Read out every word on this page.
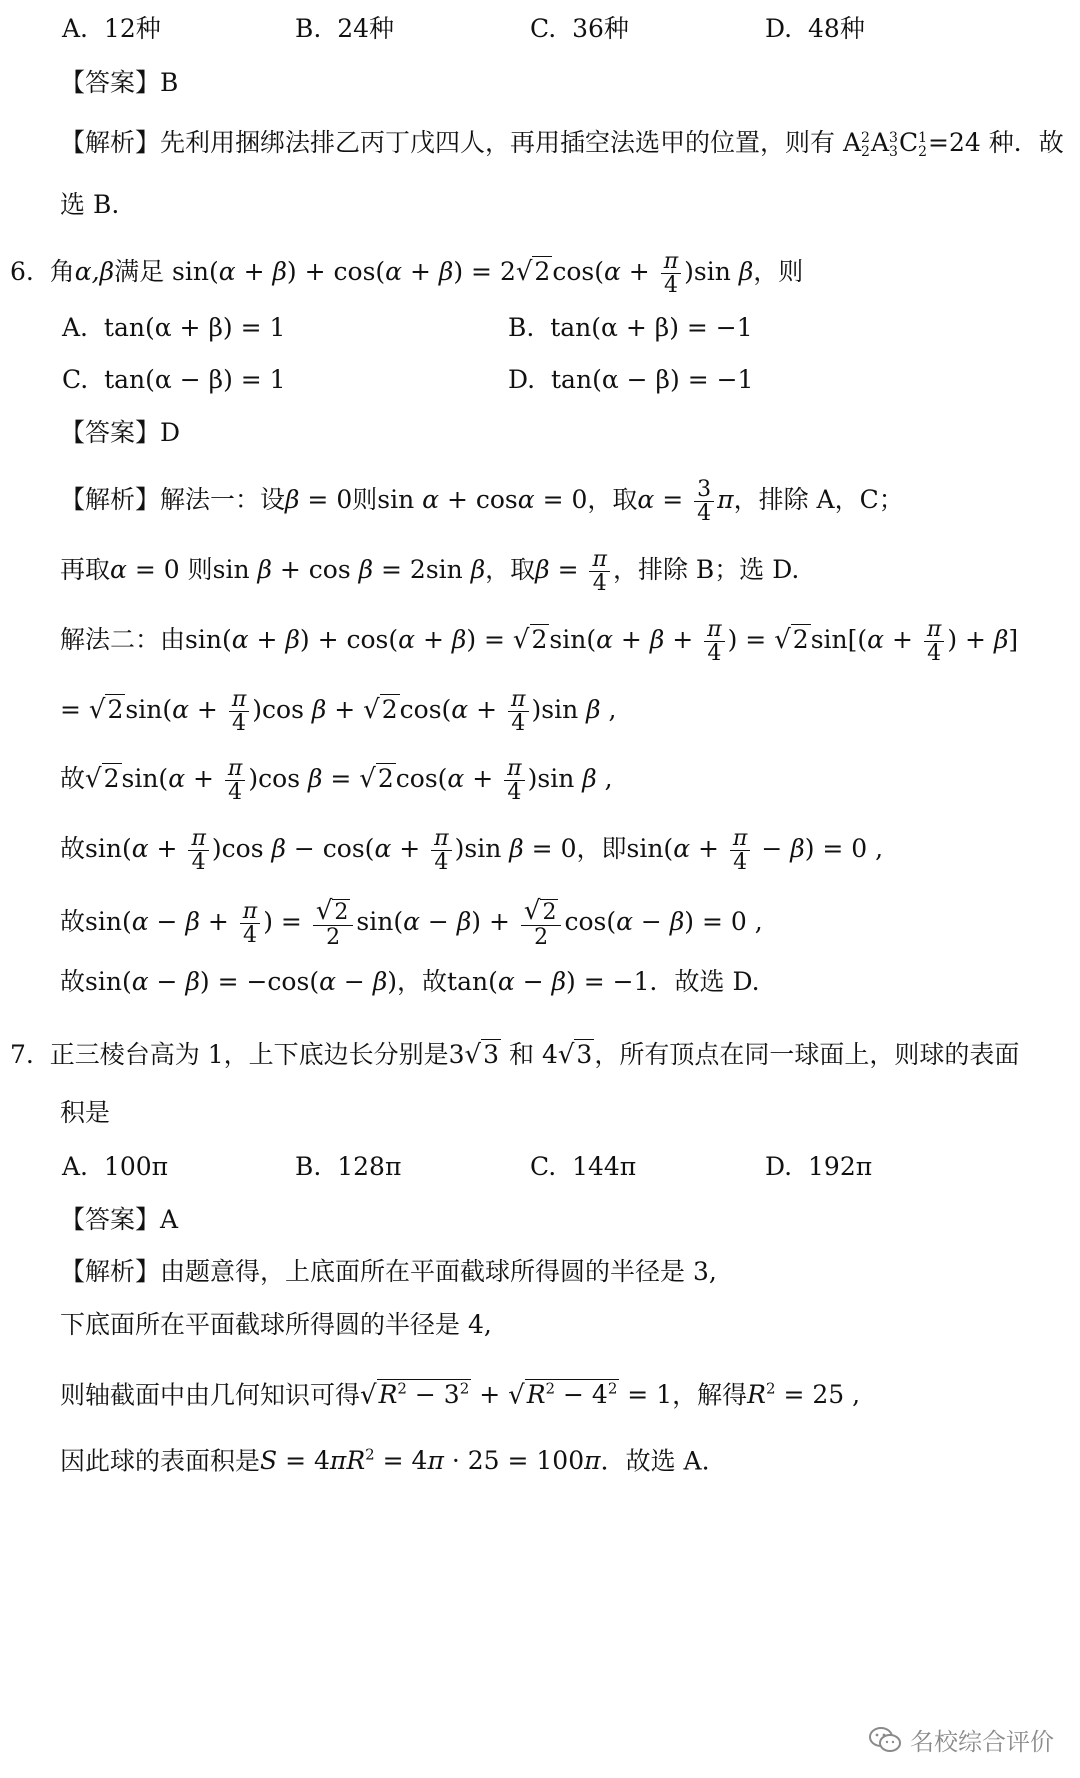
A. 12种	B. 24种	C. 36种	D. 48种
【答案】B
【解析】先利用捆绑法排乙丙丁戊四人，再用插空法选甲的位置，则有 A 2
2 A 3
3 C 1
2 =24 种．故
选 B.
6. 角α,β满足 $\sin(\alpha + \beta) + \cos(\alpha + \beta) = 2√2\cos(\alpha + \frac{\pi}{4} )\sin$ β，则
A. tan(α + β) = 1	B. tan(α + β) = −1
C. tan(α − β) = 1	D. tan(α − β) = −1
【答案】D
【解析】解法一：设β = 0则sin α + cosα = 0，取$\alpha = \frac{3}{4}$ π，排除 A，C；
再取α = 0 则sin β + cos β = 2sin β，取$\beta = \frac{\pi}{4}$ ，排除 B；选 D.
解法二：由$\sin(\alpha + \beta) + \cos(\alpha + \beta) = √2\sin(\alpha + \beta + \frac{\pi}{4}$ ) = $√2\sin[(\alpha + \frac{\pi}{4}$ ) + β]
= $√2\sin(\alpha + \frac{\pi}{4} )\cos$ $\beta + √2\cos(\alpha + \frac{\pi}{4} )\sin$ β ,
故$√2\sin(\alpha + \frac{\pi}{4} )\cos$ $\beta = √2\cos(\alpha + \frac{\pi}{4} )\sin$ β ,
故$\sin(\alpha + \frac{\pi}{4} )\cos$ $\beta - \cos(\alpha + \frac{\pi}{4} )\sin$ β = 0，即$\sin(\alpha + \frac{\pi}{4} - \beta) = 0$ ,
故$\sin(\alpha - \beta + \frac{\pi}{4}$ ) = $\frac{√2}{2} \sin(\alpha - \beta) + \frac{√2}{2} \cos(\alpha - \beta) = 0$ ,
故sin(α − β) = −cos(α − β)，故tan(α − β) = −1．故选 D.
7. 正三棱台高为 1，上下底边长分别是3√3 和 4√3，所有顶点在同一球面上，则球的表面
积是
A. 100π	B. 128π	C. 144π	D. 192π
【答案】A
【解析】由题意得，上底面所在平面截球所得圆的半径是 3,
下底面所在平面截球所得圆的半径是 4,
则轴截面中由几何知识可得$√R^2 - 3^2 + √R^2 - 4^2 = 1$，解得$R^2 = 25$ ,
因此球的表面积是$S = 4\pi R^2 = 4\pi \cdot 25 = 100\pi$．故选 A.
名校综合评价
